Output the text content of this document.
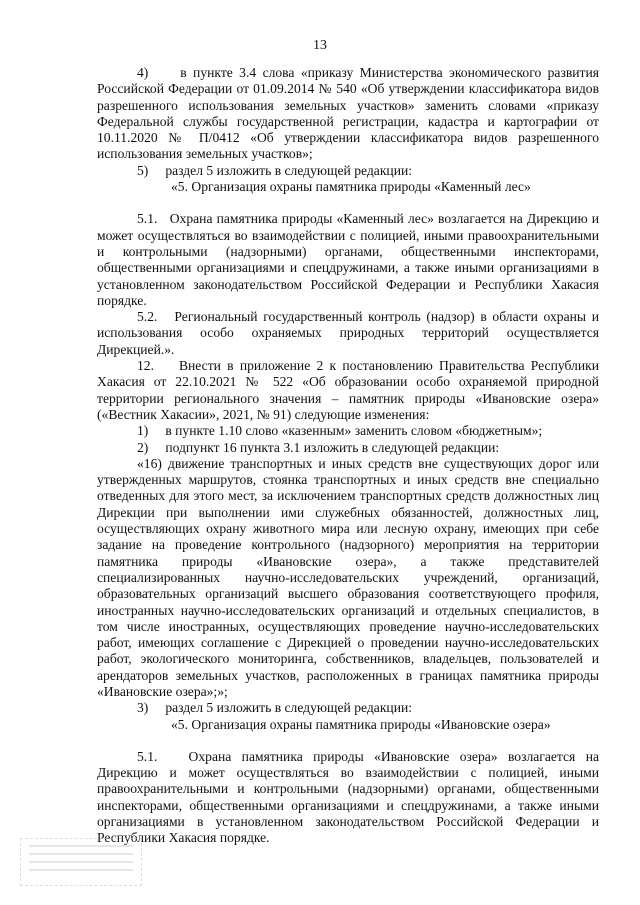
13

4)     в пункте 3.4 слова «приказу Министерства экономического развития Российской Федерации от 01.09.2014 № 540 «Об утверждении классификатора видов разрешенного использования земельных участков» заменить словами «приказу Федеральной службы государственной регистрации, кадастра и картографии от 10.11.2020 № П/0412 «Об утверждении классификатора видов разрешенного использования земельных участков»;

5)     раздел 5 изложить в следующей редакции:

«5. Организация охраны памятника природы «Каменный лес»

5.1.   Охрана памятника природы «Каменный лес» возлагается на Дирекцию и может осуществляться во взаимодействии с полицией, иными правоохранительными и контрольными (надзорными) органами, общественными инспекторами, общественными организациями и спецдружинами, а также иными организациями в установленном законодательством Российской Федерации и Республики Хакасия порядке.

5.2.   Региональный государственный контроль (надзор) в области охраны и использования особо охраняемых природных территорий осуществляется Дирекцией.».

12.    Внести в приложение 2 к постановлению Правительства Республики Хакасия от 22.10.2021 № 522 «Об образовании особо охраняемой природной территории регионального значения – памятник природы «Ивановские озера» («Вестник Хакасии», 2021, № 91) следующие изменения:

1)     в пункте 1.10 слово «казенным» заменить словом «бюджетным»;

2)     подпункт 16 пункта 3.1 изложить в следующей редакции:

«16) движение транспортных и иных средств вне существующих дорог или утвержденных маршрутов, стоянка транспортных и иных средств вне специально отведенных для этого мест, за исключением транспортных средств должностных лиц Дирекции при выполнении ими служебных обязанностей, должностных лиц, осуществляющих охрану животного мира или лесную охрану, имеющих при себе задание на проведение контрольного (надзорного) мероприятия на территории памятника природы «Ивановские озера», а также представителей специализированных научно-исследовательских учреждений, организаций, образовательных организаций высшего образования соответствующего профиля, иностранных научно-исследовательских организаций и отдельных специалистов, в том числе иностранных, осуществляющих проведение научно-исследовательских работ, имеющих соглашение с Дирекцией о проведении научно-исследовательских работ, экологического мониторинга, собственников, владельцев, пользователей и арендаторов земельных участков, расположенных в границах памятника природы «Ивановские озера»;»;

3)     раздел 5 изложить в следующей редакции:

«5. Организация охраны памятника природы «Ивановские озера»

5.1.   Охрана памятника природы «Ивановские озера» возлагается на Дирекцию и может осуществляться во взаимодействии с полицией, иными правоохранительными и контрольными (надзорными) органами, общественными инспекторами, общественными организациями и спецдружинами, а также иными организациями в установленном законодательством Российской Федерации и Республики Хакасия порядке.
